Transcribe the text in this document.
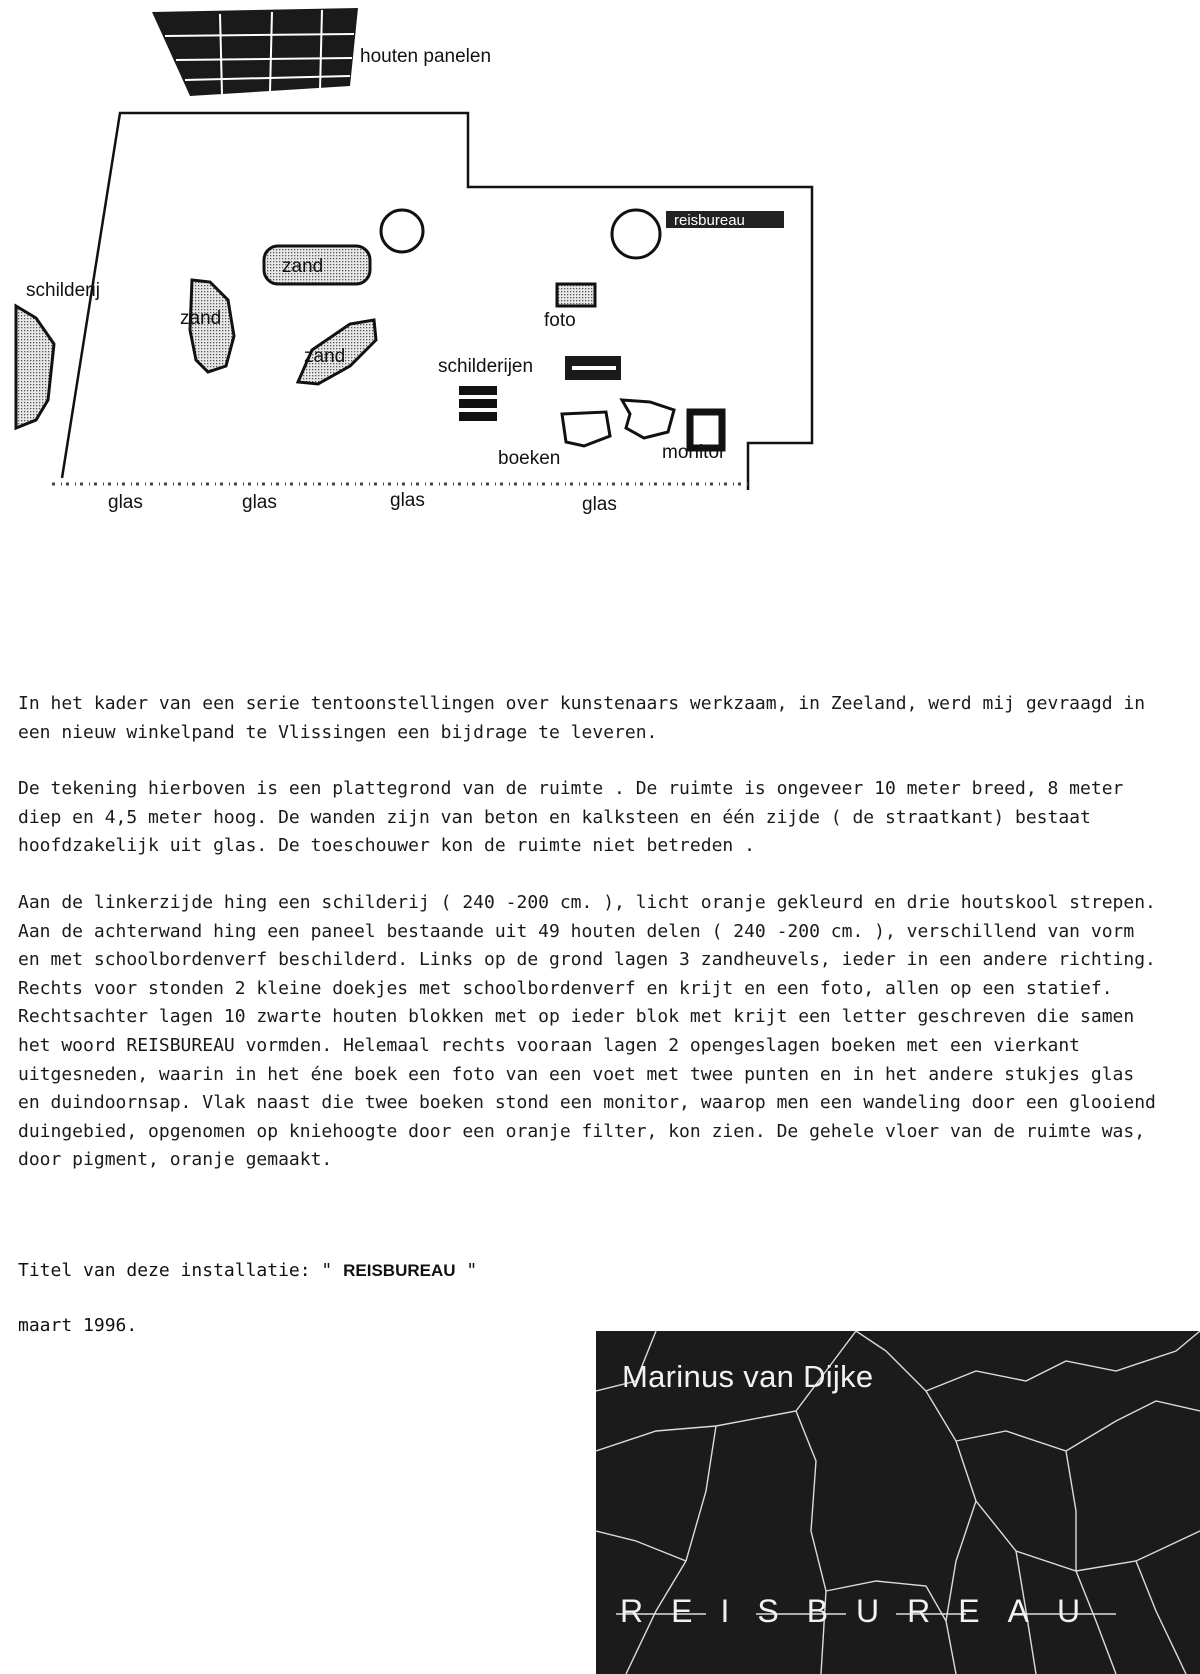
houten panelen
schilderij
zand
zand
zand
reisbureau
foto
schilderijen
boeken	monitor
glas	glas	glas	glas

In het kader van een serie tentoonstellingen over kunstenaars werkzaam, in Zeeland, werd mij gevraagd in een nieuw winkelpand te Vlissingen een bijdrage te leveren.

De tekening hierboven is een plattegrond van de ruimte . De ruimte is ongeveer 10 meter breed, 8 meter diep en 4,5 meter hoog. De wanden zijn van beton en kalksteen en één zijde ( de straatkant) bestaat hoofdzakelijk uit glas. De toeschouwer kon de ruimte niet betreden .

Aan de linkerzijde hing een schilderij ( 240 -200 cm. ), licht oranje gekleurd en drie houtskool strepen. Aan de achterwand hing een paneel bestaande uit 49 houten delen ( 240 -200 cm. ), verschillend van vorm en met schoolbordenverf beschilderd. Links op de grond lagen 3 zandheuvels, ieder in een andere richting. Rechts voor stonden 2 kleine doekjes met schoolbordenverf en krijt en een foto, allen op een statief. Rechtsachter lagen 10 zwarte houten blokken met op ieder blok met krijt een letter geschreven die samen het woord REISBUREAU vormden. Helemaal rechts vooraan lagen 2 opengeslagen boeken met een vierkant uitgesneden, waarin in het éne boek een foto van een voet met twee punten en in het andere stukjes glas en duindoornsap. Vlak naast die twee boeken stond een monitor, waarop men een wandeling door een glooiend duingebied, opgenomen op kniehoogte door een oranje filter, kon zien. De gehele vloer van de ruimte was, door pigment, oranje gemaakt.

Titel van deze installatie: " REISBUREAU "
maart 1996.
Marinus van Dijke
REISBUREAU
